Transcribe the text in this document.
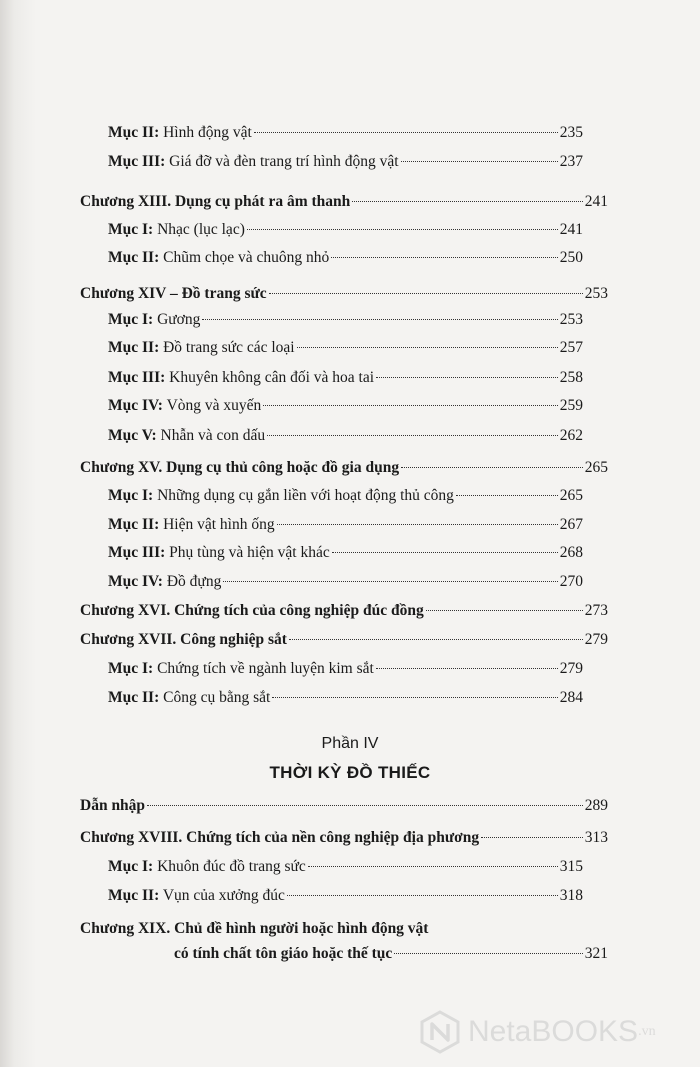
Mục II: Hình động vật	235
Mục III: Giá đỡ và đèn trang trí hình động vật	237
Chương XIII. Dụng cụ phát ra âm thanh	241
Mục I: Nhạc (lục lạc)	241
Mục II: Chũm chọe và chuông nhỏ	250
Chương XIV – Đồ trang sức	253
Mục I: Gương	253
Mục II: Đồ trang sức các loại	257
Mục III: Khuyên không cân đối và hoa tai	258
Mục IV: Vòng và xuyến	259
Mục V: Nhẫn và con dấu	262
Chương XV. Dụng cụ thủ công hoặc đồ gia dụng	265
Mục I: Những dụng cụ gắn liền với hoạt động thủ công	265
Mục II: Hiện vật hình ống	267
Mục III: Phụ tùng và hiện vật khác	268
Mục IV: Đồ đựng	270
Chương XVI. Chứng tích của công nghiệp đúc đồng	273
Chương XVII. Công nghiệp sắt	279
Mục I: Chứng tích về ngành luyện kim sắt	279
Mục II: Công cụ bằng sắt	284
Dẫn nhập	289
Chương XVIII. Chứng tích của nền công nghiệp địa phương	313
Mục I: Khuôn đúc đồ trang sức	315
Mục II: Vụn của xưởng đúc	318
Phần IV
THỜI KỲ ĐỒ THIẾC
Chương XIX. Chủ đề hình người hoặc hình động vật
có tính chất tôn giáo hoặc thế tục	321
NetaBOOKS .vn
